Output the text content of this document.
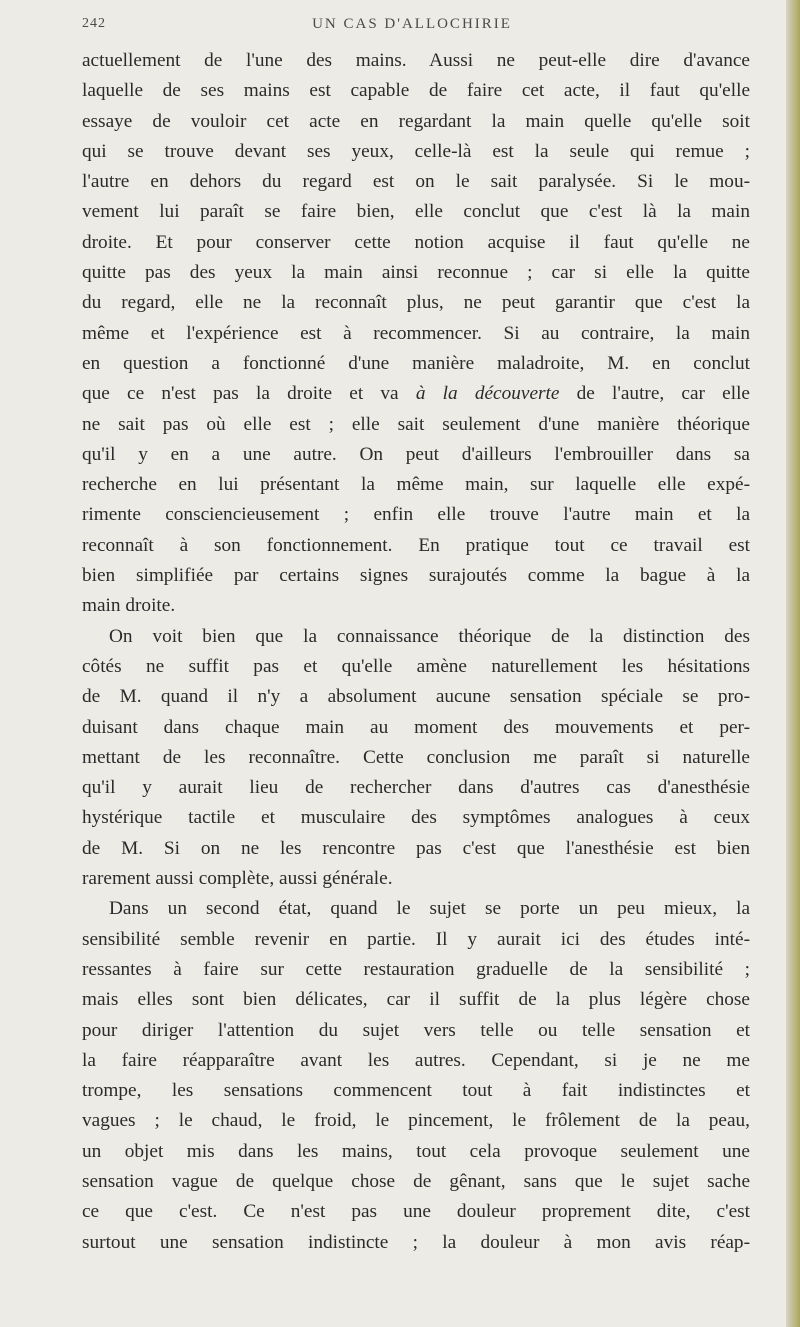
242	UN CAS D'ALLOCHIRIE
actuellement de l'une des mains. Aussi ne peut-elle dire d'avance
laquelle de ses mains est capable de faire cet acte, il faut qu'elle
essaye de vouloir cet acte en regardant la main quelle qu'elle soit
qui se trouve devant ses yeux, celle-là est la seule qui remue ;
l'autre en dehors du regard est on le sait paralysée. Si le mou-
vement lui paraît se faire bien, elle conclut que c'est là la main
droite. Et pour conserver cette notion acquise il faut qu'elle ne
quitte pas des yeux la main ainsi reconnue ; car si elle la quitte
du regard, elle ne la reconnaît plus, ne peut garantir que c'est la
même et l'expérience est à recommencer. Si au contraire, la main
en question a fonctionné d'une manière maladroite, M. en conclut
que ce n'est pas la droite et va à la découverte de l'autre, car elle
ne sait pas où elle est ; elle sait seulement d'une manière théorique
qu'il y en a une autre. On peut d'ailleurs l'embrouiller dans sa
recherche en lui présentant la même main, sur laquelle elle expé-
rimente consciencieusement ; enfin elle trouve l'autre main et la
reconnaît à son fonctionnement. En pratique tout ce travail est
bien simplifiée par certains signes surajoutés comme la bague à la
main droite.
On voit bien que la connaissance théorique de la distinction des
côtés ne suffit pas et qu'elle amène naturellement les hésitations
de M. quand il n'y a absolument aucune sensation spéciale se pro-
duisant dans chaque main au moment des mouvements et per-
mettant de les reconnaître. Cette conclusion me paraît si naturelle
qu'il y aurait lieu de rechercher dans d'autres cas d'anesthésie
hystérique tactile et musculaire des symptômes analogues à ceux
de M. Si on ne les rencontre pas c'est que l'anesthésie est bien
rarement aussi complète, aussi générale.
Dans un second état, quand le sujet se porte un peu mieux, la
sensibilité semble revenir en partie. Il y aurait ici des études inté-
ressantes à faire sur cette restauration graduelle de la sensibilité ;
mais elles sont bien délicates, car il suffit de la plus légère chose
pour diriger l'attention du sujet vers telle ou telle sensation et
la faire réapparaître avant les autres. Cependant, si je ne me
trompe, les sensations commencent tout à fait indistinctes et
vagues ; le chaud, le froid, le pincement, le frôlement de la peau,
un objet mis dans les mains, tout cela provoque seulement une
sensation vague de quelque chose de gênant, sans que le sujet sache
ce que c'est. Ce n'est pas une douleur proprement dite, c'est
surtout une sensation indistincte ; la douleur à mon avis réap-
